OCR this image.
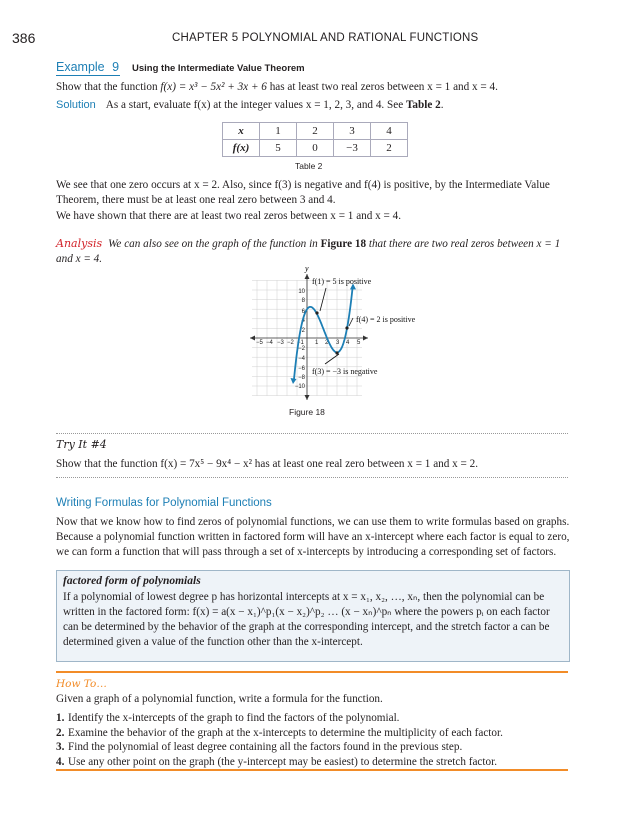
386	CHAPTER 5 POLYNOMIAL AND RATIONAL FUNCTIONS
Example 9 Using the Intermediate Value Theorem
Show that the function f(x) = x³ − 5x² + 3x + 6 has at least two real zeros between x = 1 and x = 4.
Solution As a start, evaluate f(x) at the integer values x = 1, 2, 3, and 4. See Table 2.
x	1	2	3	4
f(x)	5	0	−3	2
Table 2

We see that one zero occurs at x = 2. Also, since f(3) is negative and f(4) is positive, by the Intermediate Value Theorem, there must be at least one real zero between 3 and 4.

We have shown that there are at least two real zeros between x = 1 and x = 4.

Analysis We can also see on the graph of the function in Figure 18 that there are two real zeros between x = 1 and x = 4.
y
−5 −4 −3 −2 −1 1 2 3 4 5
10
8
6
4
2
−2
−4
−6
−8
−10
f(1) = 5 is positive
f(4) = 2 is positive
f(3) = −3 is negative
Figure 18
Try It #4

Show that the function f(x) = 7x⁵ − 9x⁴ − x² has at least one real zero between x = 1 and x = 2.

Writing Formulas for Polynomial Functions

Now that we know how to find zeros of polynomial functions, we can use them to write formulas based on graphs. Because a polynomial function written in factored form will have an x-intercept where each factor is equal to zero, we can form a function that will pass through a set of x-intercepts by introducing a corresponding set of factors.

factored form of polynomials

If a polynomial of lowest degree p has horizontal intercepts at x = x₁, x₂, …, xₙ, then the polynomial can be written in the factored form: f(x) = a(x − x₁)^p₁(x − x₂)^p₂ … (x − xₙ)^pₙ where the powers pᵢ on each factor can be determined by the behavior of the graph at the corresponding intercept, and the stretch factor a can be determined given a value of the function other than the x-intercept.

How To…

Given a graph of a polynomial function, write a formula for the function.

1. Identify the x-intercepts of the graph to find the factors of the polynomial.
2. Examine the behavior of the graph at the x-intercepts to determine the multiplicity of each factor.
3. Find the polynomial of least degree containing all the factors found in the previous step.
4. Use any other point on the graph (the y-intercept may be easiest) to determine the stretch factor.
